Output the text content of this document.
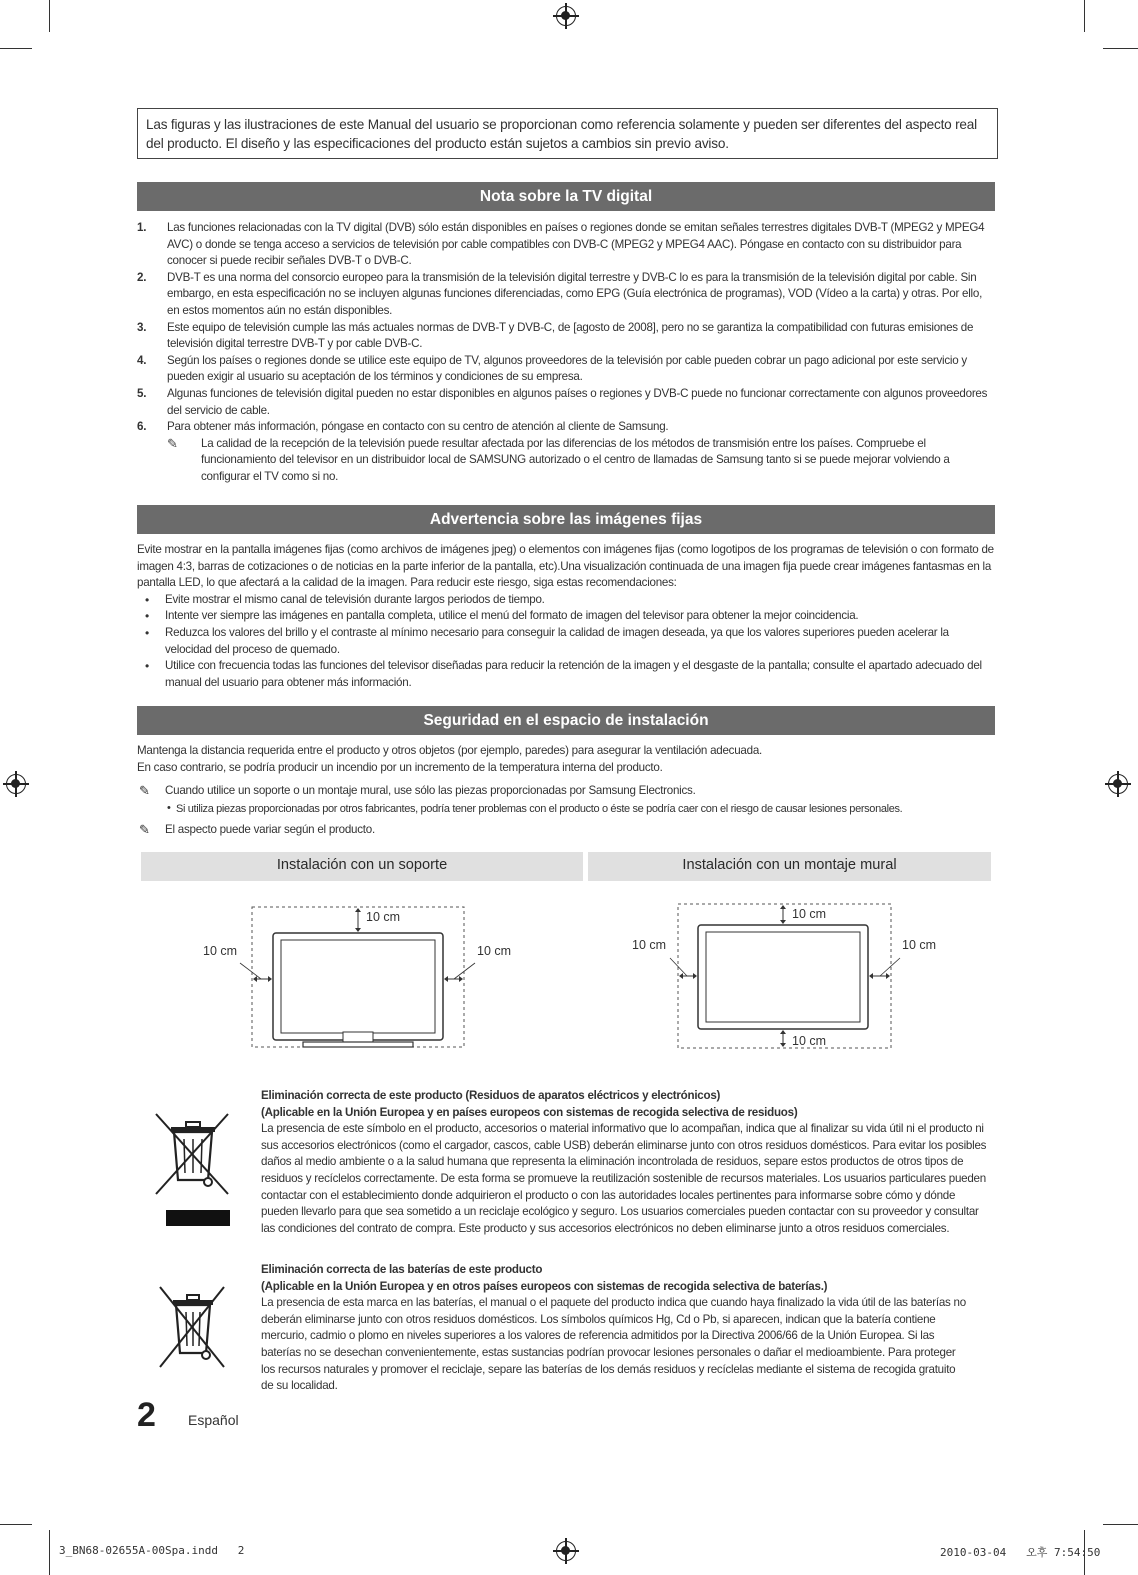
Las figuras y las ilustraciones de este Manual del usuario se proporcionan como referencia solamente y pueden ser diferentes del aspecto real del producto. El diseño y las especificaciones del producto están sujetos a cambios sin previo aviso.
Nota sobre la TV digital
1. Las funciones relacionadas con la TV digital (DVB) sólo están disponibles en países o regiones donde se emitan señales terrestres digitales DVB-T (MPEG2 y MPEG4 AVC) o donde se tenga acceso a servicios de televisión por cable compatibles con DVB-C (MPEG2 y MPEG4 AAC). Póngase en contacto con su distribuidor para conocer si puede recibir señales DVB-T o DVB-C.
2. DVB-T es una norma del consorcio europeo para la transmisión de la televisión digital terrestre y DVB-C lo es para la transmisión de la televisión digital por cable. Sin embargo, en esta especificación no se incluyen algunas funciones diferenciadas, como EPG (Guía electrónica de programas), VOD (Vídeo a la carta) y otras. Por ello, en estos momentos aún no están disponibles.
3. Este equipo de televisión cumple las más actuales normas de DVB-T y DVB-C, de [agosto de 2008], pero no se garantiza la compatibilidad con futuras emisiones de televisión digital terrestre DVB-T y por cable DVB-C.
4. Según los países o regiones donde se utilice este equipo de TV, algunos proveedores de la televisión por cable pueden cobrar un pago adicional por este servicio y pueden exigir al usuario su aceptación de los términos y condiciones de su empresa.
5. Algunas funciones de televisión digital pueden no estar disponibles en algunos países o regiones y DVB-C puede no funcionar correctamente con algunos proveedores del servicio de cable.
6. Para obtener más información, póngase en contacto con su centro de atención al cliente de Samsung.
✎ La calidad de la recepción de la televisión puede resultar afectada por las diferencias de los métodos de transmisión entre los países. Compruebe el funcionamiento del televisor en un distribuidor local de SAMSUNG autorizado o el centro de llamadas de Samsung tanto si se puede mejorar volviendo a configurar el TV como si no.
Advertencia sobre las imágenes fijas
Evite mostrar en la pantalla imágenes fijas (como archivos de imágenes jpeg) o elementos con imágenes fijas (como logotipos de los programas de televisión o con formato de imagen 4:3, barras de cotizaciones o de noticias en la parte inferior de la pantalla, etc).Una visualización continuada de una imagen fija puede crear imágenes fantasmas en la pantalla LED, lo que afectará a la calidad de la imagen. Para reducir este riesgo, siga estas recomendaciones:
• Evite mostrar el mismo canal de televisión durante largos periodos de tiempo.
• Intente ver siempre las imágenes en pantalla completa, utilice el menú del formato de imagen del televisor para obtener la mejor coincidencia.
• Reduzca los valores del brillo y el contraste al mínimo necesario para conseguir la calidad de imagen deseada, ya que los valores superiores pueden acelerar la velocidad del proceso de quemado.
• Utilice con frecuencia todas las funciones del televisor diseñadas para reducir la retención de la imagen y el desgaste de la pantalla; consulte el apartado adecuado del manual del usuario para obtener más información.
Seguridad en el espacio de instalación
Mantenga la distancia requerida entre el producto y otros objetos (por ejemplo, paredes) para asegurar la ventilación adecuada.
En caso contrario, se podría producir un incendio por un incremento de la temperatura interna del producto.
✎ Cuando utilice un soporte o un montaje mural, use sólo las piezas proporcionadas por Samsung Electronics.
• Si utiliza piezas proporcionadas por otros fabricantes, podría tener problemas con el producto o éste se podría caer con el riesgo de causar lesiones personales.
✎ El aspecto puede variar según el producto.
Instalación con un soporte	Instalación con un montaje mural
10 cm
10 cm	10 cm
10 cm
10 cm	10 cm
10 cm
Eliminación correcta de este producto (Residuos de aparatos eléctricos y electrónicos)
(Aplicable en la Unión Europea y en países europeos con sistemas de recogida selectiva de residuos)
La presencia de este símbolo en el producto, accesorios o material informativo que lo acompañan, indica que al finalizar su vida útil ni el producto ni sus accesorios electrónicos (como el cargador, cascos, cable USB) deberán eliminarse junto con otros residuos domésticos. Para evitar los posibles daños al medio ambiente o a la salud humana que representa la eliminación incontrolada de residuos, separe estos productos de otros tipos de residuos y recíclelos correctamente. De esta forma se promueve la reutilización sostenible de recursos materiales. Los usuarios particulares pueden contactar con el establecimiento donde adquirieron el producto o con las autoridades locales pertinentes para informarse sobre cómo y dónde pueden llevarlo para que sea sometido a un reciclaje ecológico y seguro. Los usuarios comerciales pueden contactar con su proveedor y consultar las condiciones del contrato de compra. Este producto y sus accesorios electrónicos no deben eliminarse junto a otros residuos comerciales.
Eliminación correcta de las baterías de este producto
(Aplicable en la Unión Europea y en otros países europeos con sistemas de recogida selectiva de baterías.)
La presencia de esta marca en las baterías, el manual o el paquete del producto indica que cuando haya finalizado la vida útil de las baterías no deberán eliminarse junto con otros residuos domésticos. Los símbolos químicos Hg, Cd o Pb, si aparecen, indican que la batería contiene mercurio, cadmio o plomo en niveles superiores a los valores de referencia admitidos por la Directiva 2006/66 de la Unión Europea. Si las baterías no se desechan convenientemente, estas sustancias podrían provocar lesiones personales o dañar el medioambiente. Para proteger los recursos naturales y promover el reciclaje, separe las baterías de los demás residuos y recíclelas mediante el sistema de recogida gratuito de su localidad.
2 Español
3_BN68-02655A-00Spa.indd   2	2010-03-04   오후 7:54:50
